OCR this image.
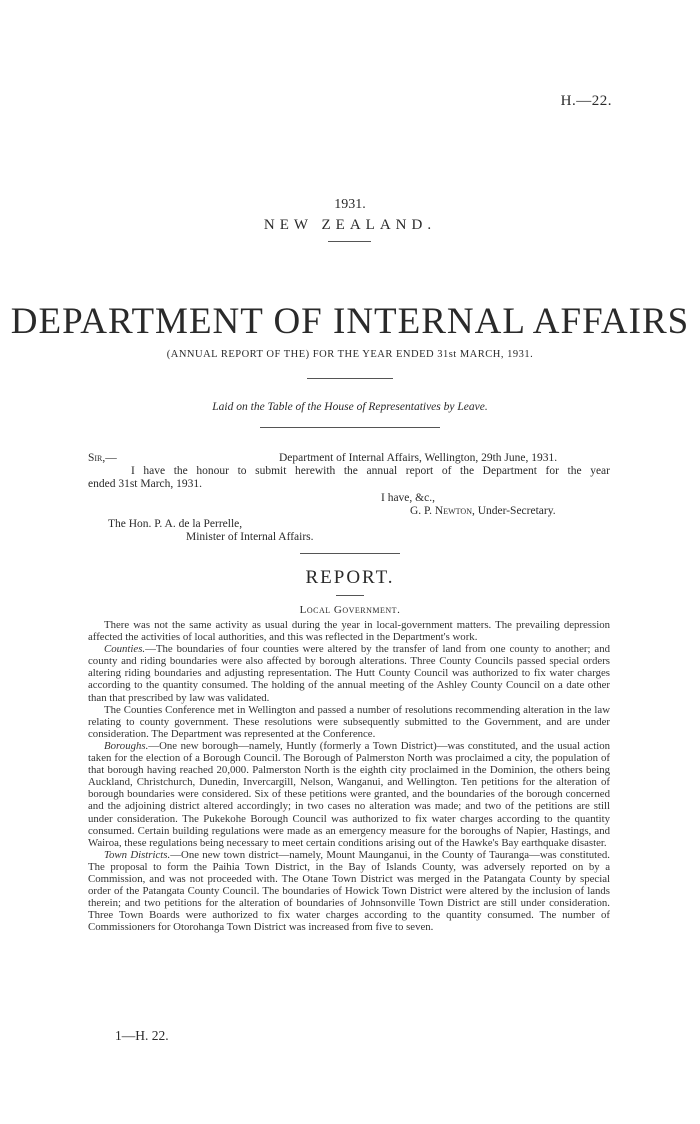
H.—22.
1931.
NEW ZEALAND.
DEPARTMENT OF INTERNAL AFFAIRS
(ANNUAL REPORT OF THE) FOR THE YEAR ENDED 31st MARCH, 1931.
Laid on the Table of the House of Representatives by Leave.
Sir,—	Department of Internal Affairs, Wellington, 29th June, 1931.
I have the honour to submit herewith the annual report of the Department for the year
ended 31st March, 1931.
I have, &c.,
G. P. Newton, Under-Secretary.
The Hon. P. A. de la Perrelle,
Minister of Internal Affairs.
REPORT.
Local Government.

There was not the same activity as usual during the year in local-government matters. The prevailing depression affected the activities of local authorities, and this was reflected in the Department's work.

Counties.—The boundaries of four counties were altered by the transfer of land from one county to another; and county and riding boundaries were also affected by borough alterations. Three County Councils passed special orders altering riding boundaries and adjusting representation. The Hutt County Council was authorized to fix water charges according to the quantity consumed. The holding of the annual meeting of the Ashley County Council on a date other than that prescribed by law was validated.

The Counties Conference met in Wellington and passed a number of resolutions recommending alteration in the law relating to county government. These resolutions were subsequently submitted to the Government, and are under consideration. The Department was represented at the Conference.

Boroughs.—One new borough—namely, Huntly (formerly a Town District)—was constituted, and the usual action taken for the election of a Borough Council. The Borough of Palmerston North was proclaimed a city, the population of that borough having reached 20,000. Palmerston North is the eighth city proclaimed in the Dominion, the others being Auckland, Christchurch, Dunedin, Invercargill, Nelson, Wanganui, and Wellington. Ten petitions for the alteration of borough boundaries were considered. Six of these petitions were granted, and the boundaries of the borough concerned and the adjoining district altered accordingly; in two cases no alteration was made; and two of the petitions are still under consideration. The Pukekohe Borough Council was authorized to fix water charges according to the quantity consumed. Certain building regulations were made as an emergency measure for the boroughs of Napier, Hastings, and Wairoa, these regulations being necessary to meet certain conditions arising out of the Hawke's Bay earthquake disaster.

Town Districts.—One new town district—namely, Mount Maunganui, in the County of Tauranga—was constituted. The proposal to form the Paihia Town District, in the Bay of Islands County, was adversely reported on by a Commission, and was not proceeded with. The Otane Town District was merged in the Patangata County by special order of the Patangata County Council. The boundaries of Howick Town District were altered by the inclusion of lands therein; and two petitions for the alteration of boundaries of Johnsonville Town District are still under consideration. Three Town Boards were authorized to fix water charges according to the quantity consumed. The number of Commissioners for Otorohanga Town District was increased from five to seven.

1—H. 22.
